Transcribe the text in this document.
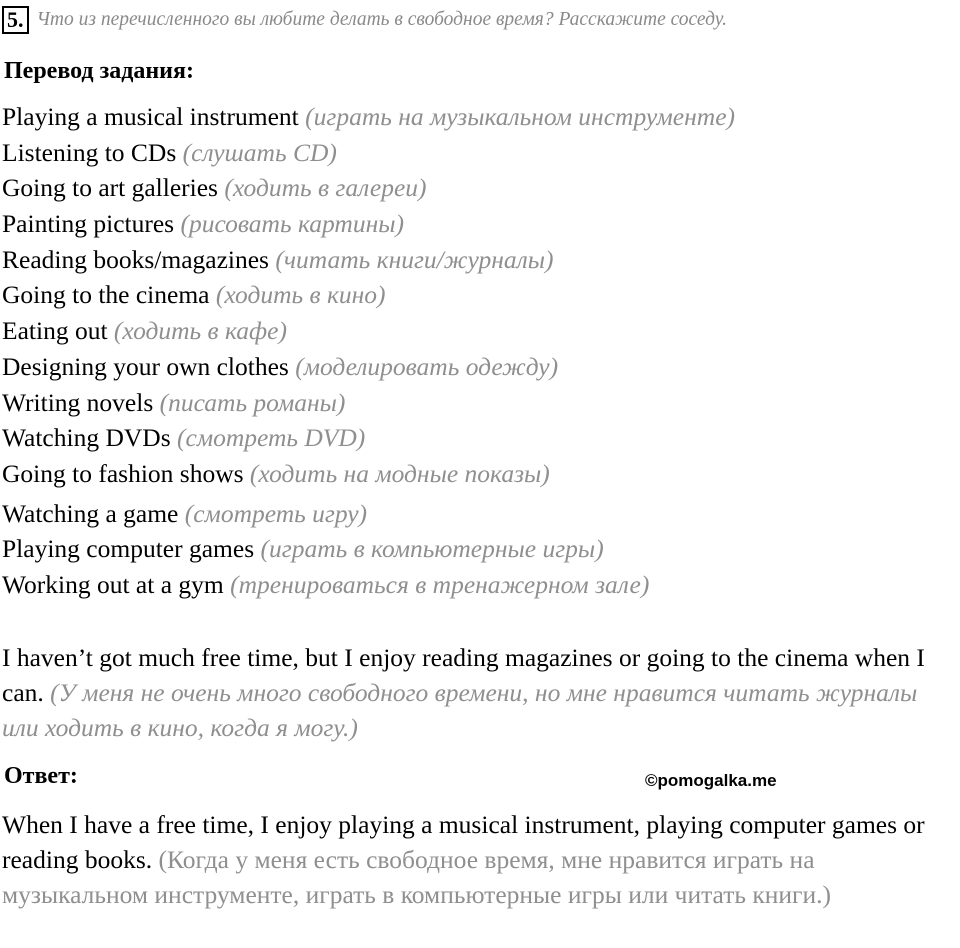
5. Что из перечисленного вы любите делать в свободное время? Расскажите соседу.
Перевод задания:
Playing a musical instrument (играть на музыкальном инструменте)
Listening to CDs (слушать CD)
Going to art galleries (ходить в галереи)
Painting pictures (рисовать картины)
Reading books/magazines (читать книги/журналы)
Going to the cinema (ходить в кино)
Eating out (ходить в кафе)
Designing your own clothes (моделировать одежду)
Writing novels (писать романы)
Watching DVDs (смотреть DVD)
Going to fashion shows (ходить на модные показы)
Watching a game (смотреть игру)
Playing computer games (играть в компьютерные игры)
Working out at a gym (тренироваться в тренажерном зале)

I haven’t got much free time, but I enjoy reading magazines or going to the cinema when I can. (У меня не очень много свободного времени, но мне нравится читать журналы или ходить в кино, когда я могу.)

Ответ:	©pomogalka.me

When I have a free time, I enjoy playing a musical instrument, playing computer games or reading books. (Когда у меня есть свободное время, мне нравится играть на музыкальном инструменте, играть в компьютерные игры или читать книги.)
